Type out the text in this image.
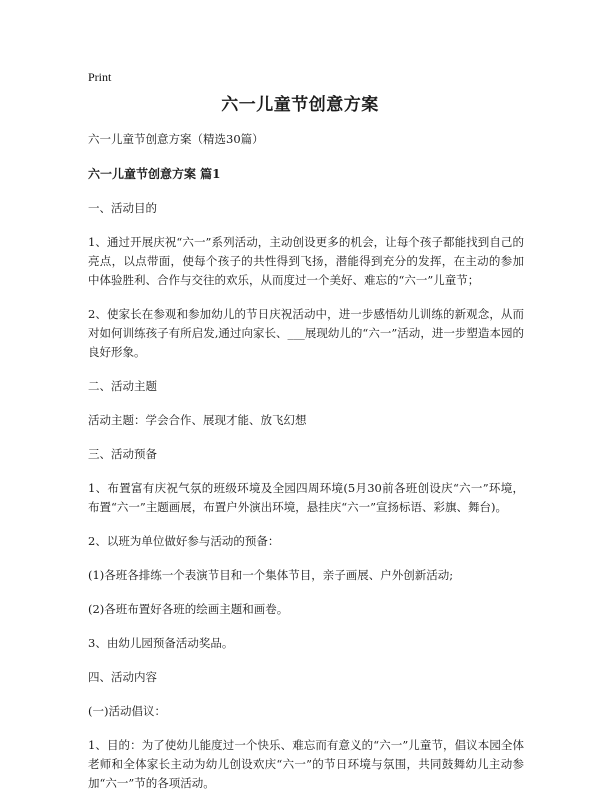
Print
六一儿童节创意方案

六一儿童节创意方案（精选30篇）

六一儿童节创意方案 篇1

一、活动目的

1、通过开展庆祝“六一”系列活动，主动创设更多的机会，让每个孩子都能找到自己的亮点，以点带面，使每个孩子的共性得到飞扬，潜能得到充分的发挥，在主动的参加中体验胜利、合作与交往的欢乐，从而度过一个美好、难忘的“六一”儿童节；

2、使家长在参观和参加幼儿的节日庆祝活动中，进一步感悟幼儿训练的新观念，从而对如何训练孩子有所启发,通过向家长、___展现幼儿的“六一”活动，进一步塑造本园的良好形象。

二、活动主题

活动主题：学会合作、展现才能、放飞幻想

三、活动预备

1、布置富有庆祝气氛的班级环境及全园四周环境(5月30前各班创设庆“六一”环境，布置“六一”主题画展，布置户外演出环境，悬挂庆“六一”宣扬标语、彩旗、舞台)。

2、以班为单位做好参与活动的预备：

(1)各班各排练一个表演节目和一个集体节目，亲子画展、户外创新活动;

(2)各班布置好各班的绘画主题和画卷。

3、由幼儿园预备活动奖品。

四、活动内容

(一)活动倡议：

1、目的：为了使幼儿能度过一个快乐、难忘而有意义的“六一”儿童节，倡议本园全体老师和全体家长主动为幼儿创设欢庆“六一”的节日环境与氛围，共同鼓舞幼儿主动参加“六一”节的各项活动。
